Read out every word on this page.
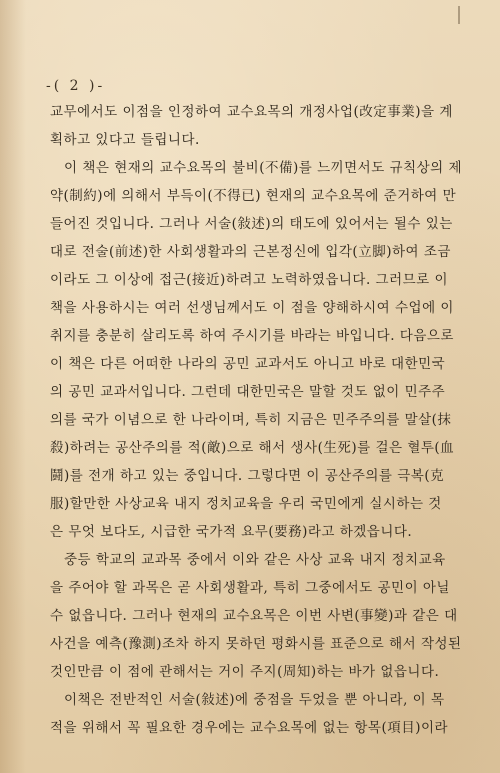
-( 2 )-
교무에서도 이점을 인정하여 교수요목의 개정사업(改定事業)을 계
획하고 있다고 들립니다.
이 책은 현재의 교수요목의 불비(不備)를 느끼면서도 규칙상의 제
약(制約)에 의해서 부득이(不得已) 현재의 교수요목에 준거하여 만
들어진 것입니다. 그러나 서술(敍述)의 태도에 있어서는 될수 있는
대로 전술(前述)한 사회생활과의 근본정신에 입각(立脚)하여 조금
이라도 그 이상에 접근(接近)하려고 노력하였읍니다. 그러므로 이
책을 사용하시는 여러 선생님께서도 이 점을 양해하시여 수업에 이
취지를 충분히 살리도록 하여 주시기를 바라는 바입니다. 다음으로
이 책은 다른 어떠한 나라의 공민 교과서도 아니고 바로 대한민국
의 공민 교과서입니다. 그런데 대한민국은 말할 것도 없이 민주주
의를 국가 이념으로 한 나라이며, 특히 지금은 민주주의를 말살(抹
殺)하려는 공산주의를 적(敵)으로 해서 생사(生死)를 걸은 혈투(血
鬪)를 전개 하고 있는 중입니다. 그렇다면 이 공산주의를 극복(克
服)할만한 사상교육 내지 정치교육을 우리 국민에게 실시하는 것
은 무엇 보다도, 시급한 국가적 요무(要務)라고 하겠읍니다.
중등 학교의 교과목 중에서 이와 같은 사상 교육 내지 정치교육
을 주어야 할 과목은 곧 사회생활과, 특히 그중에서도 공민이 아닐
수 없읍니다. 그러나 현재의 교수요목은 이번 사변(事變)과 같은 대
사건을 예측(豫測)조차 하지 못하던 평화시를 표준으로 해서 작성된
것인만큼 이 점에 관해서는 거이 주지(周知)하는 바가 없읍니다.
이책은 전반적인 서술(敍述)에 중점을 두었을 뿐 아니라, 이 목
적을 위해서 꼭 필요한 경우에는 교수요목에 없는 항목(項目)이라
